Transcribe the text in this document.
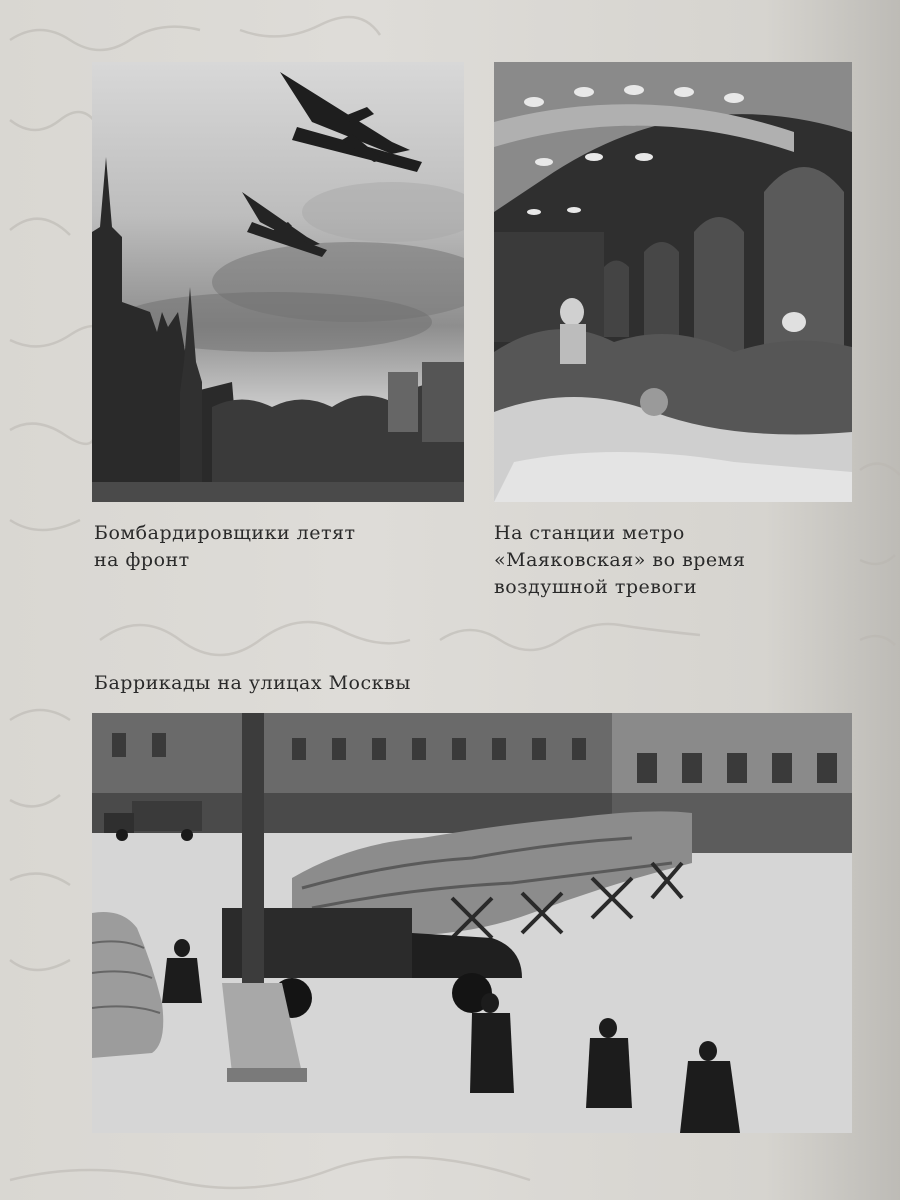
Бомбардировщики летят
на фронт
На станции метро
«Маяковская» во время
воздушной тревоги
Баррикады на улицах Москвы
